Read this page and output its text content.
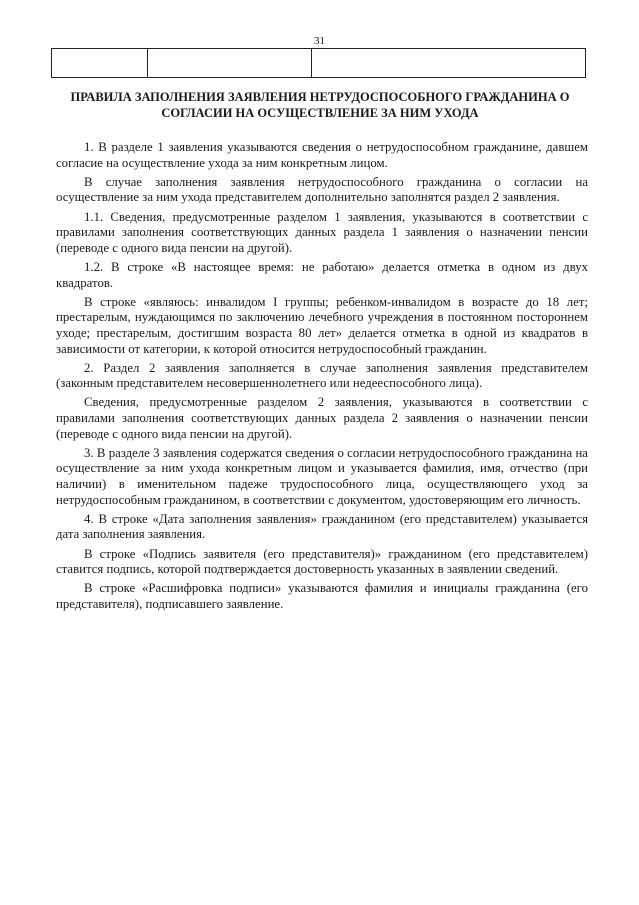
31

ПРАВИЛА ЗАПОЛНЕНИЯ ЗАЯВЛЕНИЯ НЕТРУДОСПОСОБНОГО ГРАЖДАНИНА О
СОГЛАСИИ НА ОСУЩЕСТВЛЕНИЕ ЗА НИМ УХОДА

1. В разделе 1 заявления указываются сведения о нетрудоспособном гражданине, давшем согласие на осуществление ухода за ним конкретным лицом.

В случае заполнения заявления нетрудоспособного гражданина о согласии на осуществление за ним ухода представителем дополнительно заполнятся раздел 2 заявления.

1.1. Сведения, предусмотренные разделом 1 заявления, указываются в соответствии с правилами заполнения соответствующих данных раздела 1 заявления о назначении пенсии (переводе с одного вида пенсии на другой).

1.2. В строке «В настоящее время: не работаю» делается отметка в одном из двух квадратов.

В строке «являюсь: инвалидом I группы; ребенком-инвалидом в возрасте до 18 лет; престарелым, нуждающимся по заключению лечебного учреждения в постоянном постороннем уходе; престарелым, достигшим возраста 80 лет» делается отметка в одной из квадратов в зависимости от категории, к которой относится нетрудоспособный гражданин.

2. Раздел 2 заявления заполняется в случае заполнения заявления представителем (законным представителем несовершеннолетнего или недееспособного лица).

Сведения, предусмотренные разделом 2 заявления, указываются в соответствии с правилами заполнения соответствующих данных раздела 2 заявления о назначении пенсии (переводе с одного вида пенсии на другой).

3. В разделе 3 заявления содержатся сведения о согласии нетрудоспособного гражданина на осуществление за ним ухода конкретным лицом и указывается фамилия, имя, отчество (при наличии) в именительном падеже трудоспособного лица, осуществляющего уход за нетрудоспособным гражданином, в соответствии с документом, удостоверяющим его личность.

4. В строке «Дата заполнения заявления» гражданином (его представителем) указывается дата заполнения заявления.

В строке «Подпись заявителя (его представителя)» гражданином (его представителем) ставится подпись, которой подтверждается достоверность указанных в заявлении сведений.

В строке «Расшифровка подписи» указываются фамилия и инициалы гражданина (его представителя), подписавшего заявление.
